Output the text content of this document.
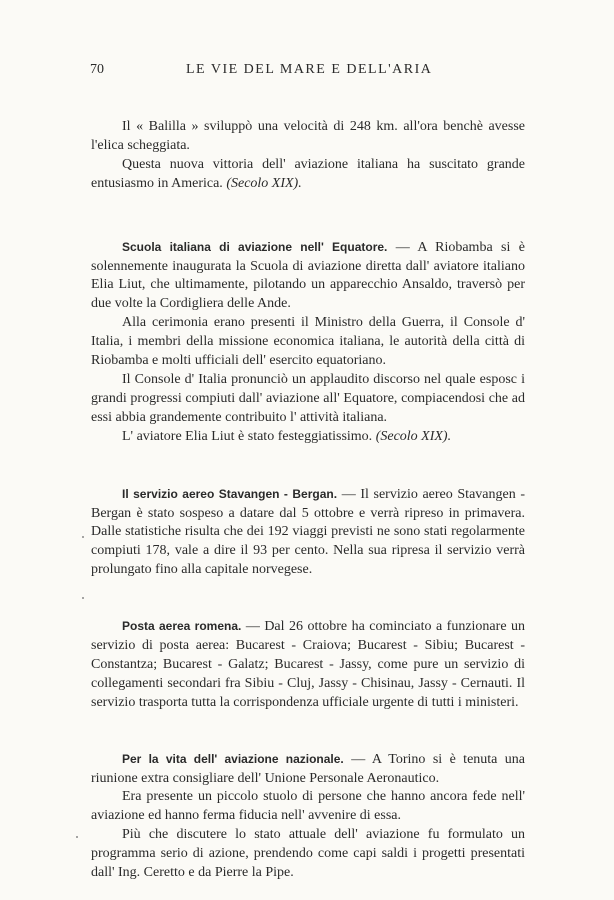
70	LE VIE DEL MARE E DELL'ARIA

Il « Balilla » sviluppò una velocità di 248 km. all'ora benchè avesse l'elica scheggiata.

Questa nuova vittoria dell' aviazione italiana ha suscitato grande entusiasmo in America. (Secolo XIX).

Scuola italiana di aviazione nell' Equatore. — A Riobamba si è solennemente inaugurata la Scuola di aviazione diretta dall' aviatore italiano Elia Liut, che ultimamente, pilotando un apparecchio Ansaldo, traversò per due volte la Cordigliera delle Ande.

Alla cerimonia erano presenti il Ministro della Guerra, il Console d' Italia, i membri della missione economica italiana, le autorità della città di Riobamba e molti ufficiali dell' esercito equatoriano.

Il Console d' Italia pronunciò un applaudito discorso nel quale esposc i grandi progressi compiuti dall' aviazione all' Equatore, compiacendosi che ad essi abbia grandemente contribuito l' attività italiana.

L' aviatore Elia Liut è stato festeggiatissimo. (Secolo XIX).

Il servizio aereo Stavangen - Bergan. — Il servizio aereo Stavangen - Bergan è stato sospeso a datare dal 5 ottobre e verrà ripreso in primavera. Dalle statistiche risulta che dei 192 viaggi previsti ne sono stati regolarmente compiuti 178, vale a dire il 93 per cento. Nella sua ripresa il servizio verrà prolungato fino alla capitale norvegese.

Posta aerea romena. — Dal 26 ottobre ha cominciato a funzionare un servizio di posta aerea: Bucarest - Craiova; Bucarest - Sibiu; Bucarest - Constantza; Bucarest - Galatz; Bucarest - Jassy, come pure un servizio di collegamenti secondari fra Sibiu - Cluj, Jassy - Chisinau, Jassy - Cernauti. Il servizio trasporta tutta la corrispondenza ufficiale urgente di tutti i ministeri.

Per la vita dell' aviazione nazionale. — A Torino si è tenuta una riunione extra consigliare dell' Unione Personale Aeronautico.

Era presente un piccolo stuolo di persone che hanno ancora fede nell' aviazione ed hanno ferma fiducia nell' avvenire di essa.

Più che discutere lo stato attuale dell' aviazione fu formulato un programma serio di azione, prendendo come capi saldi i progetti presentati dall' Ing. Ceretto e da Pierre la Pipe.
